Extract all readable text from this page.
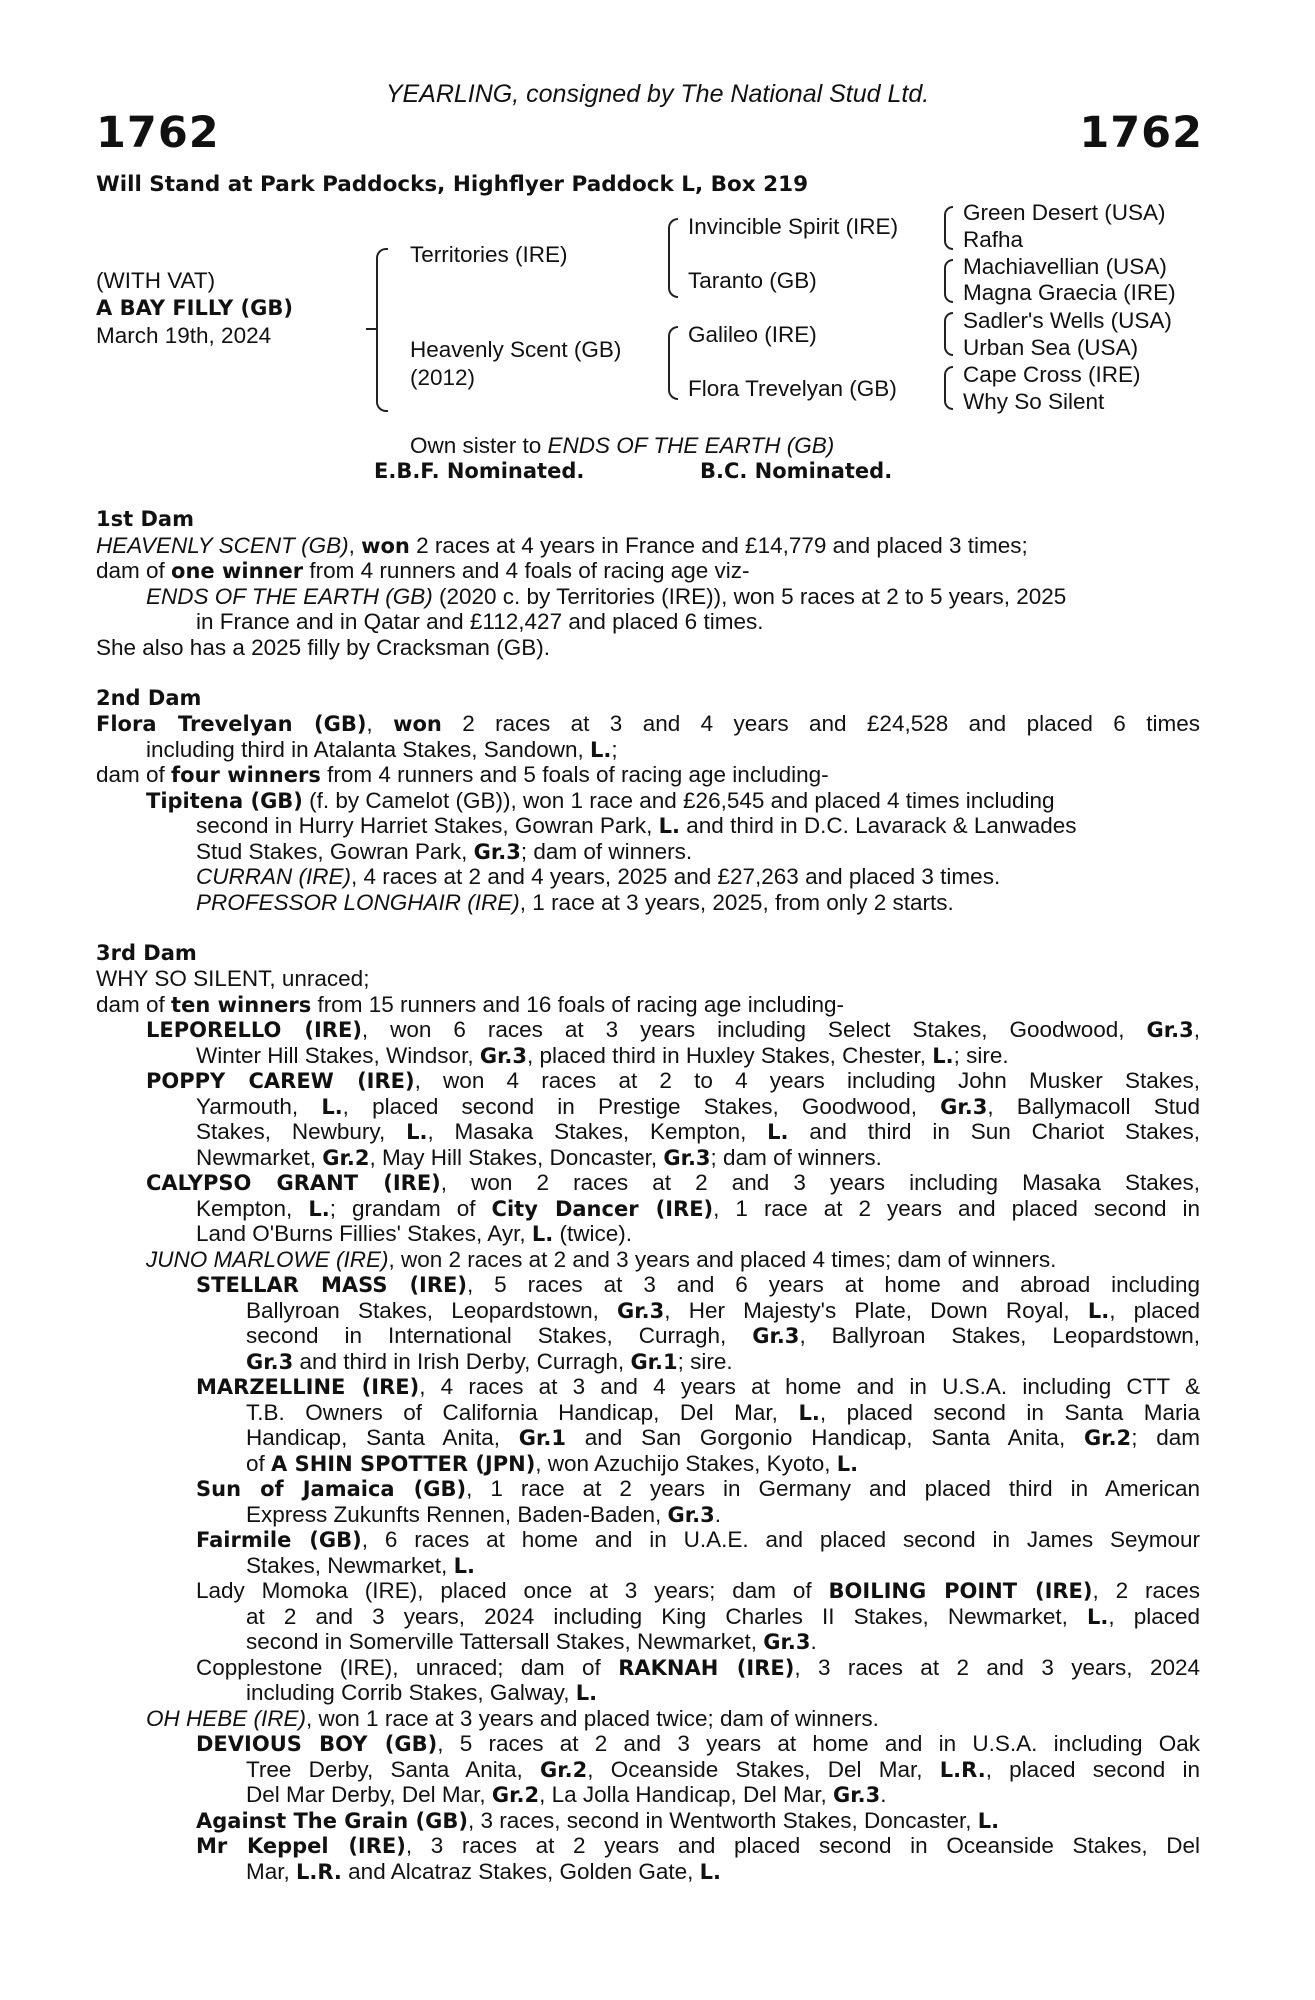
YEARLING, consigned by The National Stud Ltd.
1762	1762
Will Stand at Park Paddocks, Highflyer Paddock L, Box 219
(WITH VAT)
A BAY FILLY (GB)
March 19th, 2024
Territories (IRE)
Heavenly Scent (GB)
(2012)
Invincible Spirit (IRE)
Taranto (GB)
Galileo (IRE)
Flora Trevelyan (GB)
Green Desert (USA)
Rafha
Machiavellian (USA)
Magna Graecia (IRE)
Sadler's Wells (USA)
Urban Sea (USA)
Cape Cross (IRE)
Why So Silent
Own sister to ENDS OF THE EARTH (GB)
E.B.F. Nominated.	B.C. Nominated.
1st Dam
HEAVENLY SCENT (GB), won 2 races at 4 years in France and £14,779 and placed 3 times;
dam of one winner from 4 runners and 4 foals of racing age viz-
ENDS OF THE EARTH (GB) (2020 c. by Territories (IRE)), won 5 races at 2 to 5 years, 2025
in France and in Qatar and £112,427 and placed 6 times.
She also has a 2025 filly by Cracksman (GB).
2nd Dam
Flora Trevelyan (GB), won 2 races at 3 and 4 years and £24,528 and placed 6 times
including third in Atalanta Stakes, Sandown, L.;
dam of four winners from 4 runners and 5 foals of racing age including-
Tipitena (GB) (f. by Camelot (GB)), won 1 race and £26,545 and placed 4 times including
second in Hurry Harriet Stakes, Gowran Park, L. and third in D.C. Lavarack & Lanwades
Stud Stakes, Gowran Park, Gr.3; dam of winners.
CURRAN (IRE), 4 races at 2 and 4 years, 2025 and £27,263 and placed 3 times.
PROFESSOR LONGHAIR (IRE), 1 race at 3 years, 2025, from only 2 starts.
3rd Dam
WHY SO SILENT, unraced;
dam of ten winners from 15 runners and 16 foals of racing age including-
LEPORELLO (IRE), won 6 races at 3 years including Select Stakes, Goodwood, Gr.3,
Winter Hill Stakes, Windsor, Gr.3, placed third in Huxley Stakes, Chester, L.; sire.
POPPY CAREW (IRE), won 4 races at 2 to 4 years including John Musker Stakes,
Yarmouth, L., placed second in Prestige Stakes, Goodwood, Gr.3, Ballymacoll Stud
Stakes, Newbury, L., Masaka Stakes, Kempton, L. and third in Sun Chariot Stakes,
Newmarket, Gr.2, May Hill Stakes, Doncaster, Gr.3; dam of winners.
CALYPSO GRANT (IRE), won 2 races at 2 and 3 years including Masaka Stakes,
Kempton, L.; grandam of City Dancer (IRE), 1 race at 2 years and placed second in
Land O'Burns Fillies' Stakes, Ayr, L. (twice).
JUNO MARLOWE (IRE), won 2 races at 2 and 3 years and placed 4 times; dam of winners.
STELLAR MASS (IRE), 5 races at 3 and 6 years at home and abroad including
Ballyroan Stakes, Leopardstown, Gr.3, Her Majesty's Plate, Down Royal, L., placed
second in International Stakes, Curragh, Gr.3, Ballyroan Stakes, Leopardstown,
Gr.3 and third in Irish Derby, Curragh, Gr.1; sire.
MARZELLINE (IRE), 4 races at 3 and 4 years at home and in U.S.A. including CTT &
T.B. Owners of California Handicap, Del Mar, L., placed second in Santa Maria
Handicap, Santa Anita, Gr.1 and San Gorgonio Handicap, Santa Anita, Gr.2; dam
of A SHIN SPOTTER (JPN), won Azuchijo Stakes, Kyoto, L.
Sun of Jamaica (GB), 1 race at 2 years in Germany and placed third in American
Express Zukunfts Rennen, Baden-Baden, Gr.3.
Fairmile (GB), 6 races at home and in U.A.E. and placed second in James Seymour
Stakes, Newmarket, L.
Lady Momoka (IRE), placed once at 3 years; dam of BOILING POINT (IRE), 2 races
at 2 and 3 years, 2024 including King Charles II Stakes, Newmarket, L., placed
second in Somerville Tattersall Stakes, Newmarket, Gr.3.
Copplestone (IRE), unraced; dam of RAKNAH (IRE), 3 races at 2 and 3 years, 2024
including Corrib Stakes, Galway, L.
OH HEBE (IRE), won 1 race at 3 years and placed twice; dam of winners.
DEVIOUS BOY (GB), 5 races at 2 and 3 years at home and in U.S.A. including Oak
Tree Derby, Santa Anita, Gr.2, Oceanside Stakes, Del Mar, L.R., placed second in
Del Mar Derby, Del Mar, Gr.2, La Jolla Handicap, Del Mar, Gr.3.
Against The Grain (GB), 3 races, second in Wentworth Stakes, Doncaster, L.
Mr Keppel (IRE), 3 races at 2 years and placed second in Oceanside Stakes, Del
Mar, L.R. and Alcatraz Stakes, Golden Gate, L.
